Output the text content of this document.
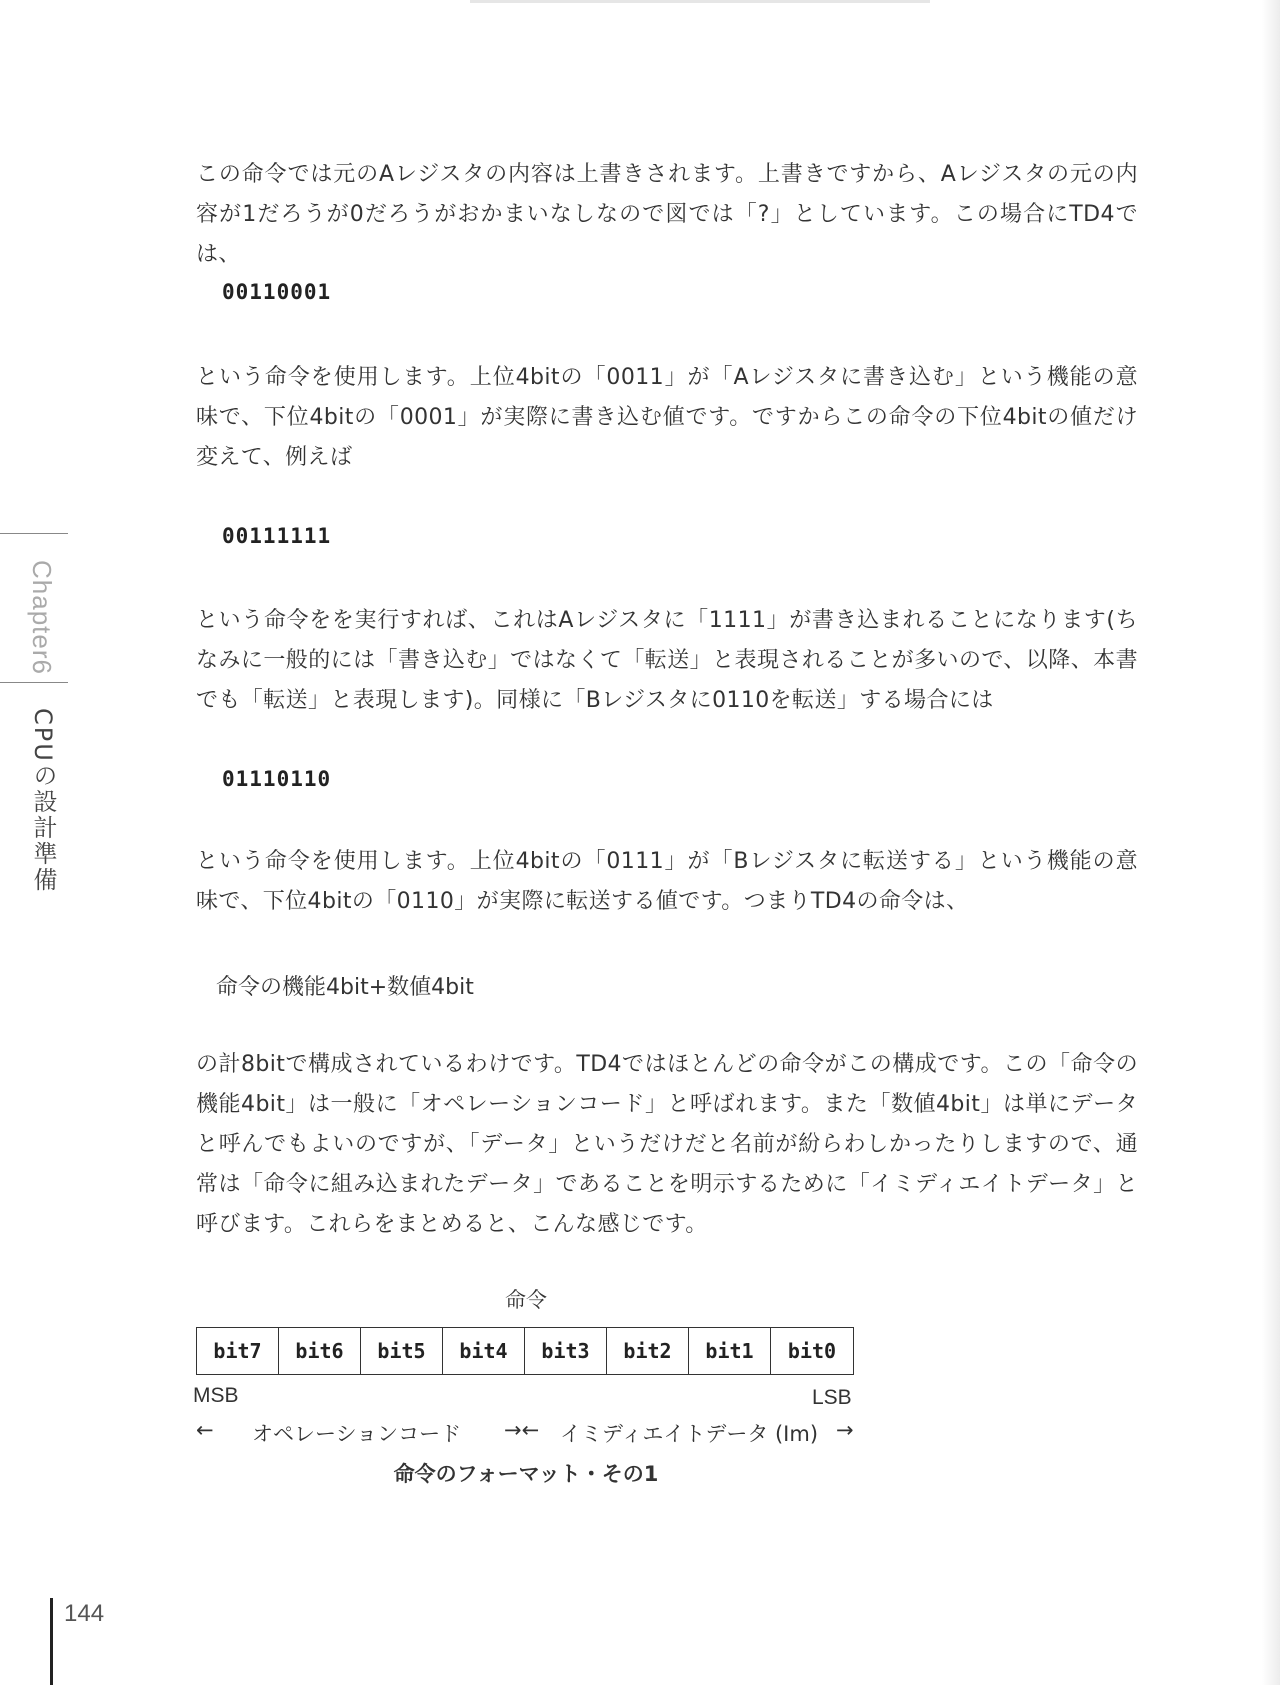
この命令では元のAレジスタの内容は上書きされます。上書きですから、Aレジスタの元の内容が1だろうが0だろうがおかまいなしなので図では「?」としています。この場合にTD4では、

00110001

という命令を使用します。上位4bitの「0011」が「Aレジスタに書き込む」という機能の意味で、下位4bitの「0001」が実際に書き込む値です。ですからこの命令の下位4bitの値だけ変えて、例えば

00111111

という命令をを実行すれば、これはAレジスタに「1111」が書き込まれることになります(ちなみに一般的には「書き込む」ではなくて「転送」と表現されることが多いので、以降、本書でも「転送」と表現します)。同様に「Bレジスタに0110を転送」する場合には

01110110

という命令を使用します。上位4bitの「0111」が「Bレジスタに転送する」という機能の意味で、下位4bitの「0110」が実際に転送する値です。つまりTD4の命令は、

命令の機能4bit+数値4bit

の計8bitで構成されているわけです。TD4ではほとんどの命令がこの構成です。この「命令の機能4bit」は一般に「オペレーションコード」と呼ばれます。また「数値4bit」は単にデータと呼んでもよいのですが、「データ」というだけだと名前が紛らわしかったりしますので、通常は「命令に組み込まれたデータ」であることを明示するために「イミディエイトデータ」と呼びます。これらをまとめると、こんな感じです。

命令
bit7	bit6	bit5	bit4	bit3	bit2	bit1	bit0
MSB	LSB
← オペレーションコード →← イミディエイトデータ (Im) →
命令のフォーマット・その1
Chapter6
CPUの設計準備
144
